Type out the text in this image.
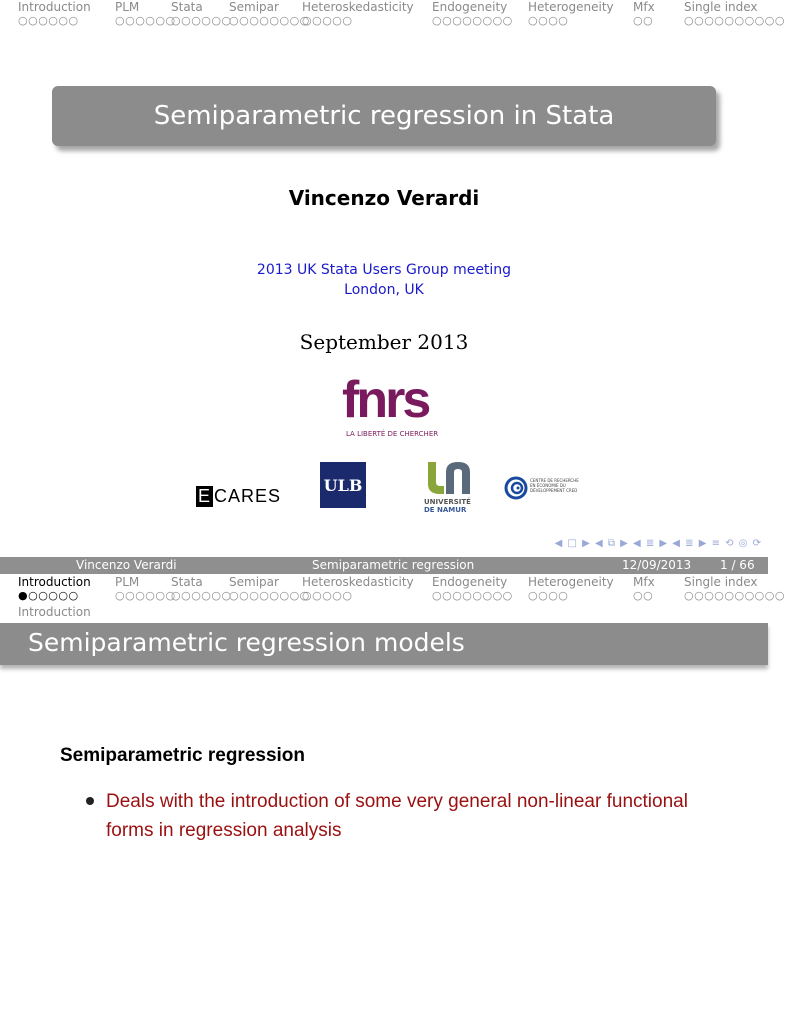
Introduction
○○○○○○
PLM
○○○○○○
Stata
○○○○○○
Semipar
○○○○○○○○
Heteroskedasticity
○○○○○
Endogeneity
○○○○○○○○
Heterogeneity
○○○○
Mfx
○○
Single index
○○○○○○○○○○
Semiparametric regression in Stata
Vincenzo Verardi
2013 UK Stata Users Group meeting
London, UK
September 2013
fnrs
LA LIBERTÉ DE CHERCHER
E CARES
ULB
UNIVERSITÉ
DE NAMUR
CENTRE DE RECHERCHE EN ÉCONOMIE DU DÉVELOPPEMENT CRED
◀ □ ▶ ◀ ⧉ ▶ ◀ ≣ ▶ ◀ ≣ ▶ ≡ ⟲ ◎ ⟳
Vincenzo Verardi	Semiparametric regression	12/09/2013 1 / 66
Introduction
●○○○○○
PLM
○○○○○○
Stata
○○○○○○
Semipar
○○○○○○○○
Heteroskedasticity
○○○○○
Endogeneity
○○○○○○○○
Heterogeneity
○○○○
Mfx
○○
Single index
○○○○○○○○○○
Introduction
Semiparametric regression models
Semiparametric regression
Deals with the introduction of some very general non-linear functional forms in regression analysis
